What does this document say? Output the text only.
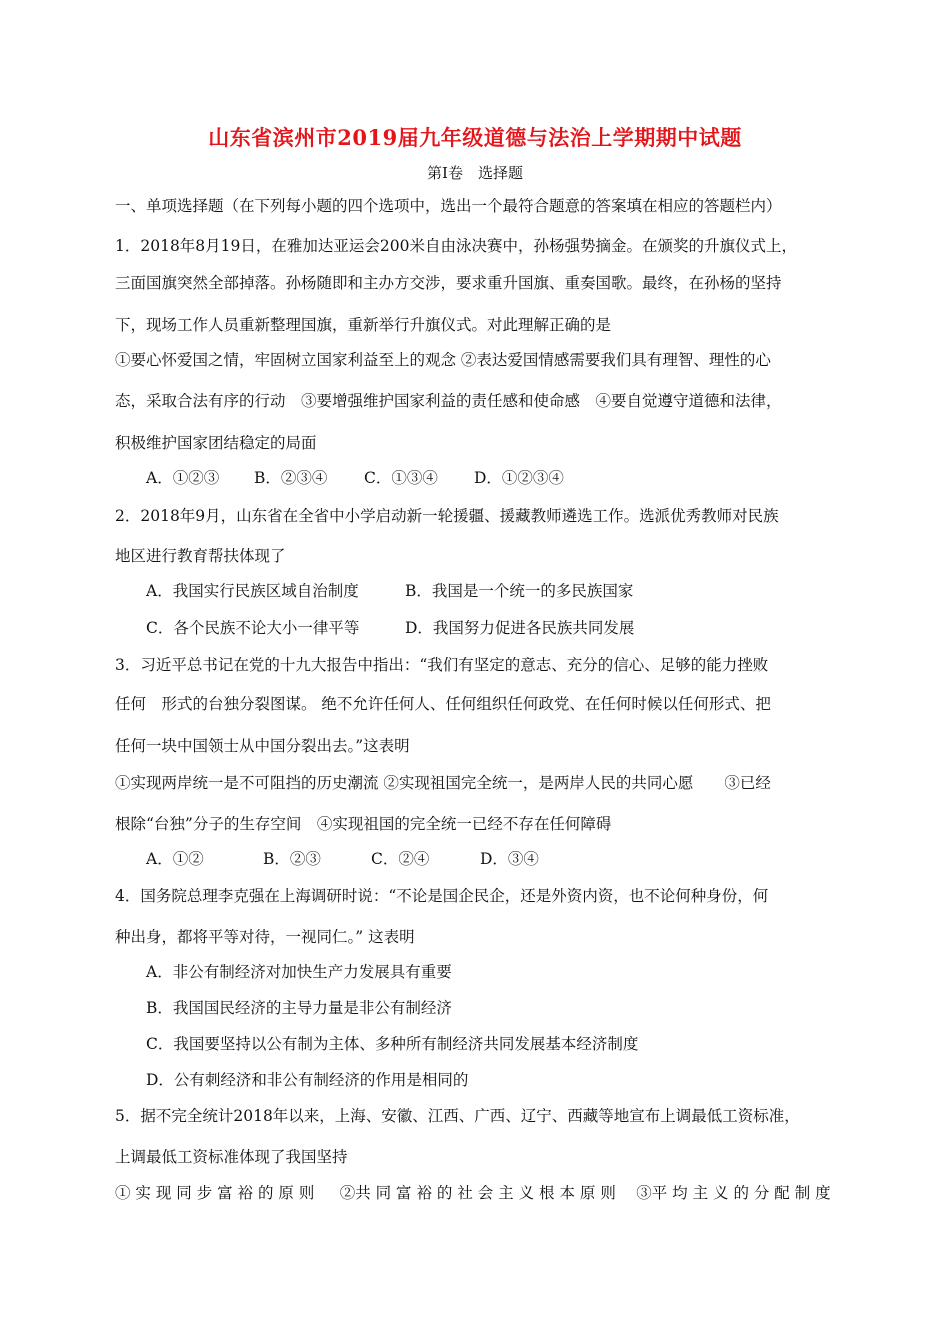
山东省滨州市2019届九年级道德与法治上学期期中试题
第Ⅰ卷　选择题
一、单项选择题（在下列每小题的四个选项中，选出一个最符合题意的答案填在相应的答题栏内）
1．2018年8月19日，在雅加达亚运会200米自由泳决赛中，孙杨强势摘金。在颁奖的升旗仪式上，
三面国旗突然全部掉落。孙杨随即和主办方交涉，要求重升国旗、重奏国歌。最终，在孙杨的坚持
下，现场工作人员重新整理国旗，重新举行升旗仪式。对此理解正确的是
①要心怀爱国之情，牢固树立国家利益至上的观念 ②表达爱国情感需要我们具有理智、理性的心
态，采取合法有序的行动　③要增强维护国家利益的责任感和使命感　④要自觉遵守道德和法律，
积极维护国家团结稳定的局面
A．①②③ B．②③④ C．①③④ D．①②③④
2．2018年9月，山东省在全省中小学启动新一轮援疆、援藏教师遴选工作。选派优秀教师对民族
地区进行教育帮扶体现了
A．我国实行民族区域自治制度	B．我国是一个统一的多民族国家
C．各个民族不论大小一律平等	D．我国努力促进各民族共同发展
3．习近平总书记在党的十九大报告中指出：“我们有坚定的意志、充分的信心、足够的能力挫败
任何　形式的台独分裂图谋。 绝不允许任何人、任何组织任何政党、在任何时候以任何形式、把
任何一块中国领士从中国分裂出去。”这表明
①实现两岸统一是不可阻挡的历史潮流 ②实现祖国完全统一，是两岸人民的共同心愿　　③已经
根除“台独”分子的生存空间　④实现祖国的完全统一已经不存在任何障碍
A．①②	B．②③	C．②④	D．③④
4．国务院总理李克强在上海调研时说：“不论是国企民企，还是外资内资，也不论何种身份，何
种出身，都将平等对待，一视同仁。” 这表明
A．非公有制经济对加快生产力发展具有重要
B．我国国民经济的主导力量是非公有制经济
C．我国要坚持以公有制为主体、多种所有制经济共同发展基本经济制度
D．公有刺经济和非公有制经济的作用是相同的
5．据不完全统计2018年以来，上海、安徽、江西、广西、辽宁、西藏等地宣布上调最低工资标准，
上调最低工资标准体现了我国坚持
① 实 现 同 步 富 裕 的 原 则 　 ②共 同 富 裕 的 社 会 主 义 根 本 原 则 　③平 均 主 义 的 分 配 制 度
